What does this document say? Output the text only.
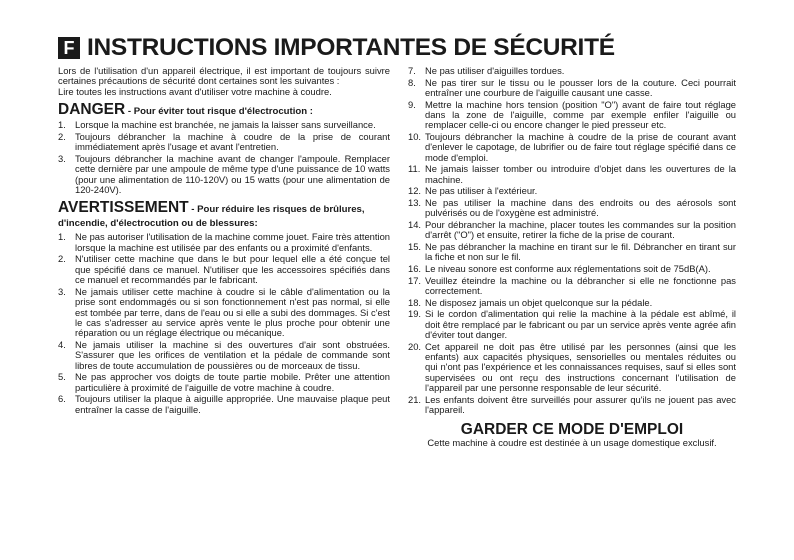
F INSTRUCTIONS IMPORTANTES DE SÉCURITÉ

Lors de l'utilisation d'un appareil électrique, il est important de toujours suivre certaines précautions de sécurité dont certaines sont les suivantes :
Lire toutes les instructions avant d'utiliser votre machine à coudre.

DANGER - Pour éviter tout risque d'électrocution :
1. Lorsque la machine est branchée, ne jamais la laisser sans surveillance.
2. Toujours débrancher la machine à coudre de la prise de courant immédiatement après l'usage et avant l'entretien.
3. Toujours débrancher la machine avant de changer l'ampoule. Remplacer cette dernière par une ampoule de même type d'une puissance de 10 watts (pour une alimentation de 110-120V) ou 15 watts (pour une alimentation de 120-240V).
AVERTISSEMENT - Pour réduire les risques de brûlures, d'incendie, d'électrocution ou de blessures:
1. Ne pas autoriser l'utilisation de la machine comme jouet. Faire très attention lorsque la machine est utilisée par des enfants ou a proximité d'enfants.
2. N'utiliser cette machine que dans le but pour lequel elle a été conçue tel que spécifié dans ce manuel. N'utiliser que les accessoires spécifiés dans ce manuel et recommandés par le fabricant.
3. Ne jamais utiliser cette machine à coudre si le câble d'alimentation ou la prise sont endommagés ou si son fonctionnement n'est pas normal, si elle est tombée par terre, dans de l'eau ou si elle a subi des dommages. Si c'est le cas s'adresser au service après vente le plus proche pour obtenir une réparation ou un réglage électrique ou mécanique.
4. Ne jamais utiliser la machine si des ouvertures d'air sont obstruées. S'assurer que les orifices de ventilation et la pédale de commande sont libres de toute accumulation de poussières ou de morceaux de tissu.
5. Ne pas approcher vos doigts de toute partie mobile. Prêter une attention particulière à proximité de l'aiguille de votre machine à coudre.
6. Toujours utiliser la plaque à aiguille appropriée. Une mauvaise plaque peut entraîner la casse de l'aiguille.
7. Ne pas utiliser d'aiguilles tordues.
8. Ne pas tirer sur le tissu ou le pousser lors de la couture. Ceci pourrait entraîner une courbure de l'aiguille causant une casse.
9. Mettre la machine hors tension (position "O") avant de faire tout réglage dans la zone de l'aiguille, comme par exemple enfiler l'aiguille ou remplacer celle-ci ou encore changer le pied presseur etc.
10. Toujours débrancher la machine à coudre de la prise de courant avant d'enlever le capotage, de lubrifier ou de faire tout réglage spécifié dans ce mode d'emploi.
11. Ne jamais laisser tomber ou introduire d'objet dans les ouvertures de la machine.
12. Ne pas utiliser à l'extérieur.
13. Ne pas utiliser la machine dans des endroits ou des aérosols sont pulvérisés ou de l'oxygène est administré.
14. Pour débrancher la machine, placer toutes les commandes sur la position d'arrêt ("O") et ensuite, retirer la fiche de la prise de courant.
15. Ne pas débrancher la machine en tirant sur le fil. Débrancher en tirant sur la fiche et non sur le fil.
16. Le niveau sonore est conforme aux réglementations soit de 75dB(A).
17. Veuillez éteindre la machine ou la débrancher si elle ne fonctionne pas correctement.
18. Ne disposez jamais un objet quelconque sur la pédale.
19. Si le cordon d'alimentation qui relie la machine à la pédale est abîmé, il doit être remplacé par le fabricant ou par un service après vente agrée afin d'éviter tout danger.
20. Cet appareil ne doit pas être utilisé par les personnes (ainsi que les enfants) aux capacités physiques, sensorielles ou mentales réduites ou qui n'ont pas l'expérience et les connaissances requises, sauf si elles sont supervisées ou ont reçu des instructions concernant l'utilisation de l'appareil par une personne responsable de leur sécurité.
21. Les enfants doivent être surveillés pour assurer qu'ils ne jouent pas avec l'appareil.
GARDER CE MODE D'EMPLOI

Cette machine à coudre est destinée à un usage domestique exclusif.
